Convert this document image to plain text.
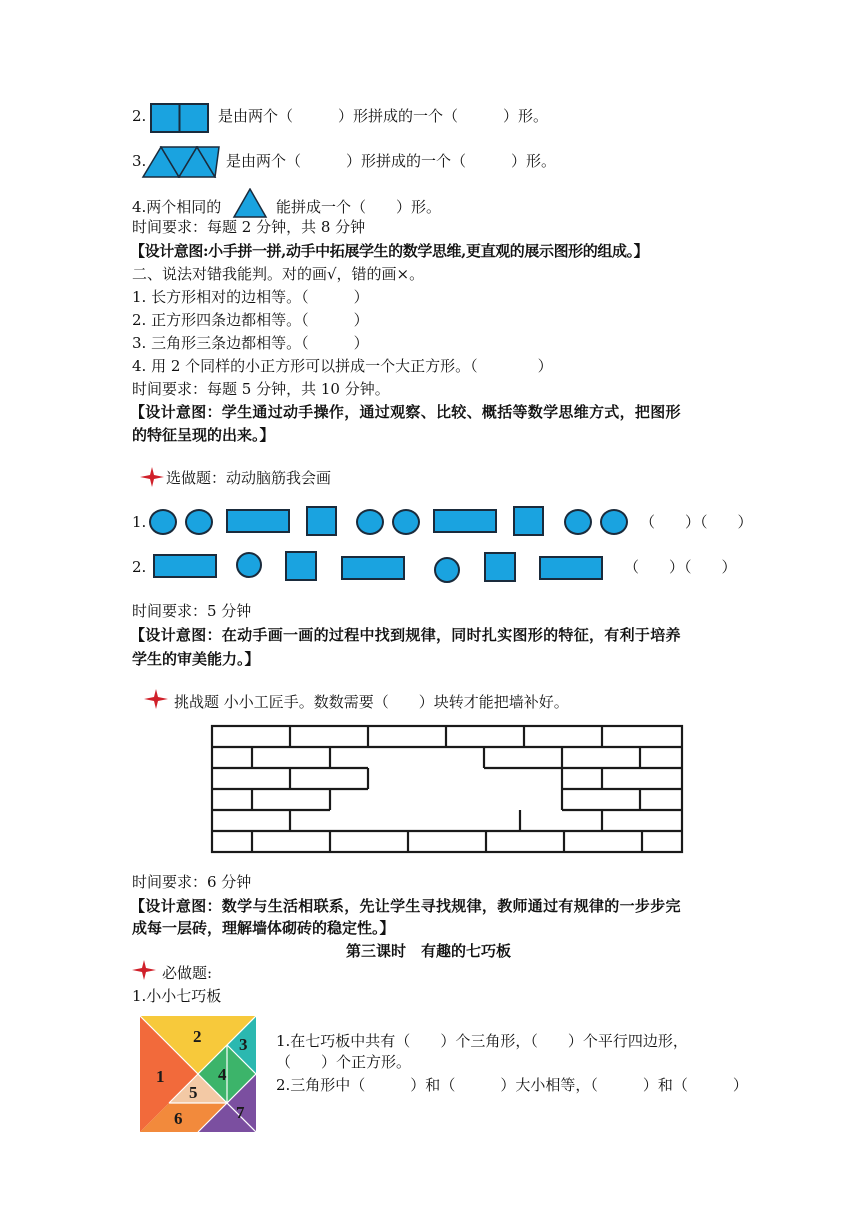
2.	是由两个（　　　）形拼成的一个（　　　）形。
3.	是由两个（　　　）形拼成的一个（　　　）形。
4.两个相同的	能拼成一个（　　）形。
时间要求：每题 2 分钟，共 8 分钟
【设计意图:小手拼一拼,动手中拓展学生的数学思维,更直观的展示图形的组成。】
二、说法对错我能判。对的画√，错的画×。
1. 长方形相对的边相等。（　　　）
2. 正方形四条边都相等。（　　　）
3. 三角形三条边都相等。（　　　）
4. 用 2 个同样的小正方形可以拼成一个大正方形。（　　　　）
时间要求：每题 5 分钟，共 10 分钟。
【设计意图：学生通过动手操作，通过观察、比较、概括等数学思维方式，把图形
的特征呈现的出来。】
选做题：动动脑筋我会画
1.	（　　）（　　）
2.	（　　）（　　）
时间要求：5 分钟
【设计意图：在动手画一画的过程中找到规律，同时扎实图形的特征，有利于培养
学生的审美能力。】
挑战题 小小工匠手。数数需要（　　）块转才能把墙补好。
时间要求：6 分钟
【设计意图：数学与生活相联系，先让学生寻找规律，教师通过有规律的一步步完
成每一层砖，理解墙体砌砖的稳定性。】
第三课时　有趣的七巧板
必做题:
1.小小七巧板
1
2 3
4
5
6	7
1.在七巧板中共有（　　）个三角形，（　　）个平行四边形，
（　　）个正方形。
2.三角形中（　　　）和（　　　）大小相等，（　　　）和（　　　）
